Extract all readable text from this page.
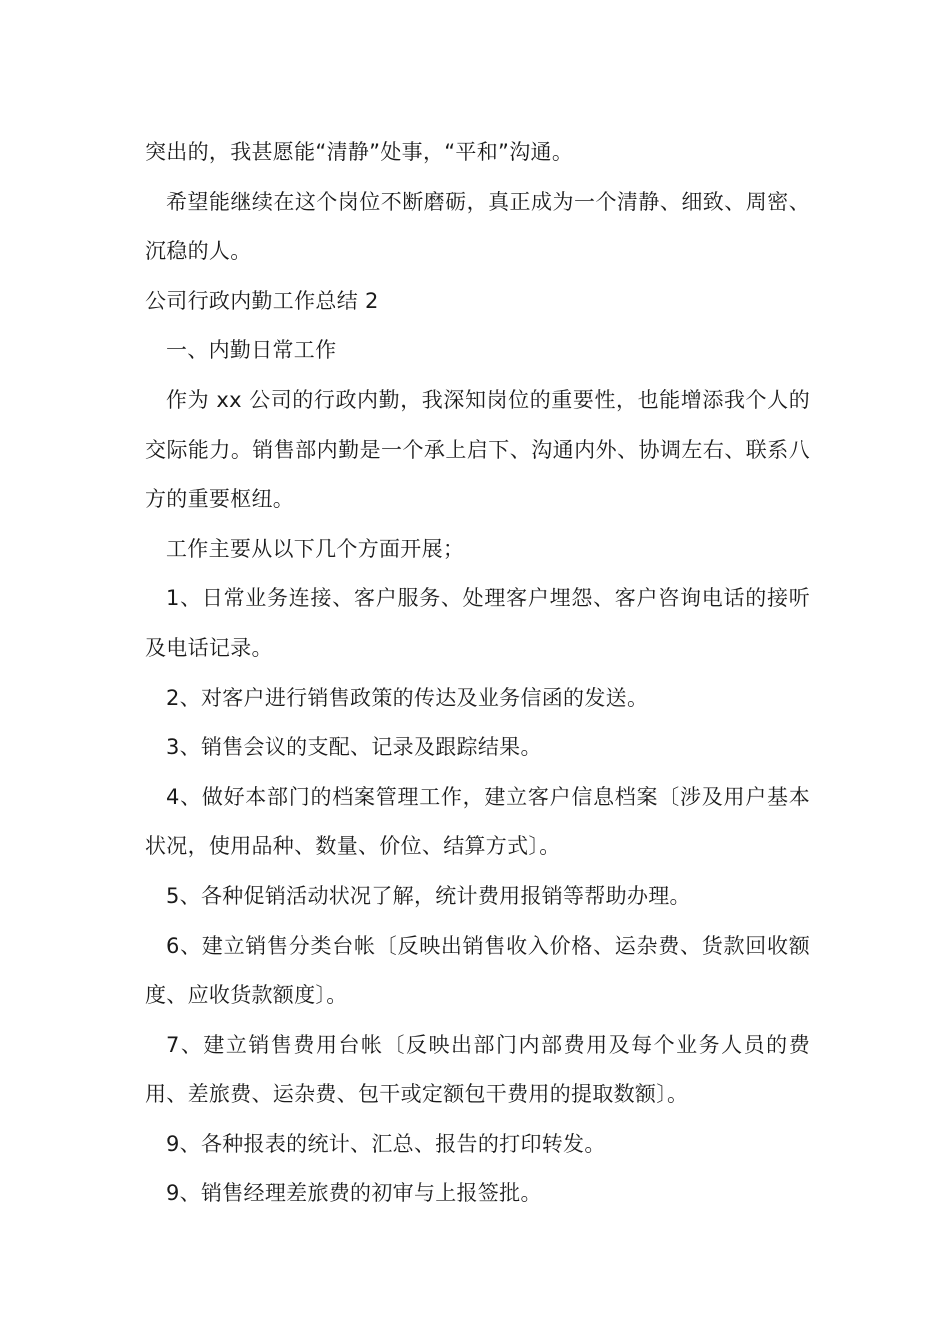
突出的，我甚愿能“清静”处事，“平和”沟通。

希望能继续在这个岗位不断磨砺，真正成为一个清静、细致、周密、沉稳的人。

公司行政内勤工作总结 2

一、内勤日常工作

作为 xx 公司的行政内勤，我深知岗位的重要性，也能增添我个人的交际能力。销售部内勤是一个承上启下、沟通内外、协调左右、联系八方的重要枢纽。

工作主要从以下几个方面开展；

1、日常业务连接、客户服务、处理客户埋怨、客户咨询电话的接听及电话记录。

2、对客户进行销售政策的传达及业务信函的发送。

3、销售会议的支配、记录及跟踪结果。

4、做好本部门的档案管理工作，建立客户信息档案〔涉及用户基本状况，使用品种、数量、价位、结算方式〕。

5、各种促销活动状况了解，统计费用报销等帮助办理。

6、建立销售分类台帐〔反映出销售收入价格、运杂费、货款回收额度、应收货款额度〕。

7、建立销售费用台帐〔反映出部门内部费用及每个业务人员的费用、差旅费、运杂费、包干或定额包干费用的提取数额〕。

9、各种报表的统计、汇总、报告的打印转发。

9、销售经理差旅费的初审与上报签批。
